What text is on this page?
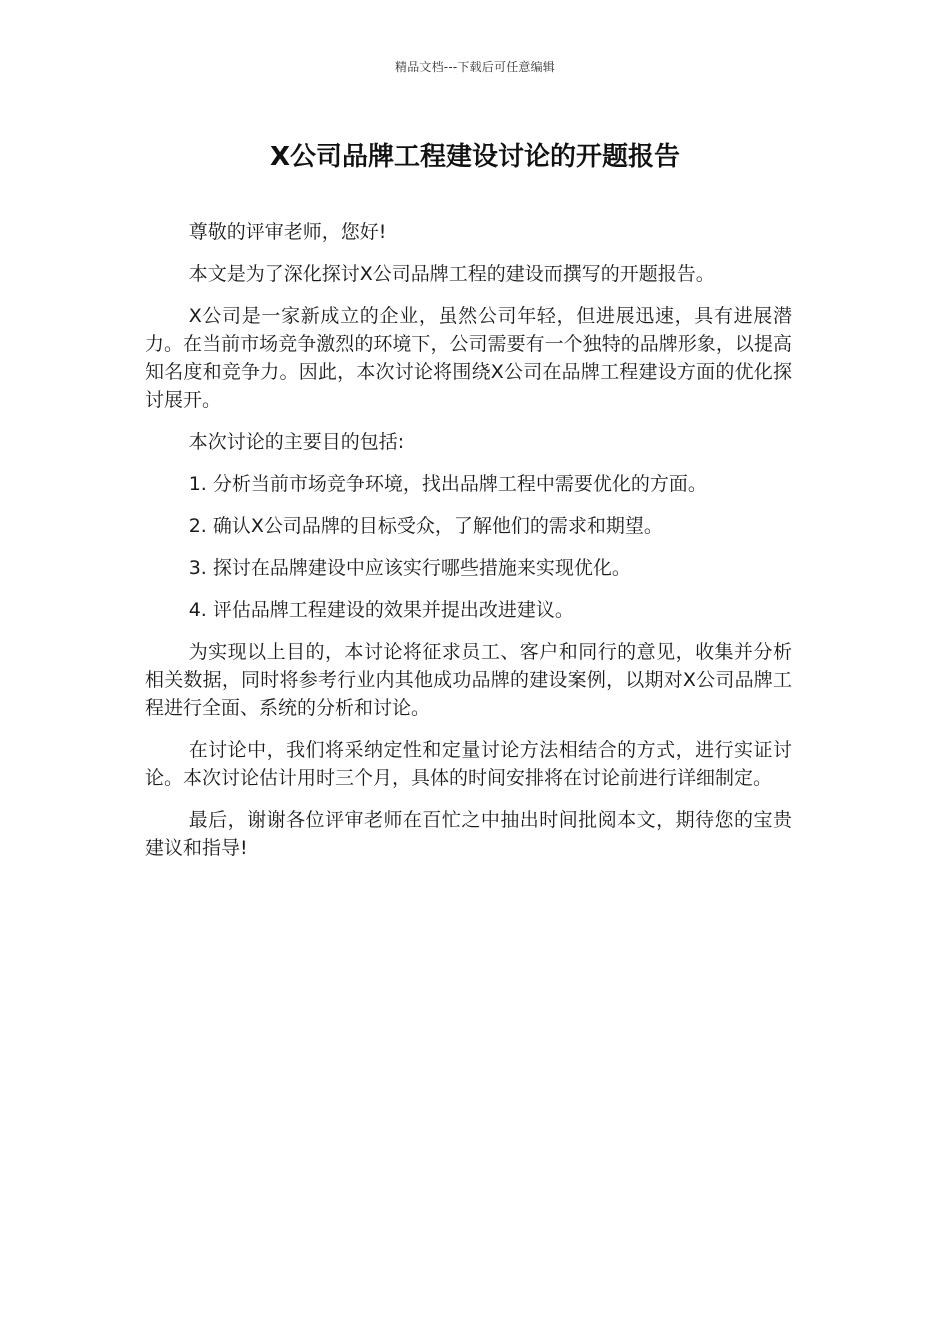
精品文档---下载后可任意编辑
X公司品牌工程建设讨论的开题报告

尊敬的评审老师，您好!

本文是为了深化探讨X公司品牌工程的建设而撰写的开题报告。

X公司是一家新成立的企业，虽然公司年轻，但进展迅速，具有进展潜力。在当前市场竞争激烈的环境下，公司需要有一个独特的品牌形象，以提高知名度和竞争力。因此，本次讨论将围绕X公司在品牌工程建设方面的优化探讨展开。

本次讨论的主要目的包括:

1. 分析当前市场竞争环境，找出品牌工程中需要优化的方面。

2. 确认X公司品牌的目标受众，了解他们的需求和期望。

3. 探讨在品牌建设中应该实行哪些措施来实现优化。

4. 评估品牌工程建设的效果并提出改进建议。

为实现以上目的，本讨论将征求员工、客户和同行的意见，收集并分析相关数据，同时将参考行业内其他成功品牌的建设案例，以期对X公司品牌工程进行全面、系统的分析和讨论。

在讨论中，我们将采纳定性和定量讨论方法相结合的方式，进行实证讨论。本次讨论估计用时三个月，具体的时间安排将在讨论前进行详细制定。

最后，谢谢各位评审老师在百忙之中抽出时间批阅本文，期待您的宝贵建议和指导!
